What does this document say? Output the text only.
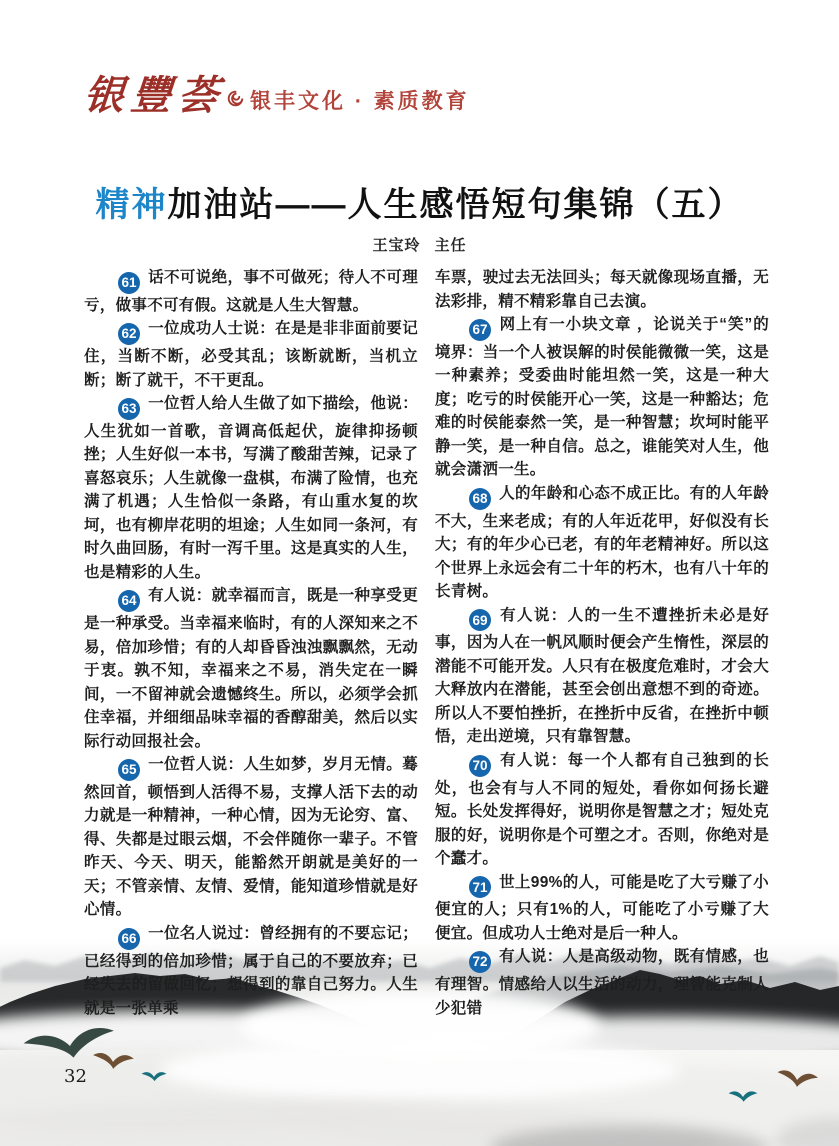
银豐荟 银丰文化 · 素质教育
精神加油站——人生感悟短句集锦（五）
王宝玲 主任

61 话不可说绝，事不可做死；待人不可理亏，做事不可有假。这就是人生大智慧。

62 一位成功人士说：在是是非非面前要记住，当断不断，必受其乱；该断就断，当机立断；断了就干，不干更乱。

63 一位哲人给人生做了如下描绘，他说：人生犹如一首歌，音调高低起伏，旋律抑扬顿挫；人生好似一本书，写满了酸甜苦辣，记录了喜怒哀乐；人生就像一盘棋，布满了险情，也充满了机遇；人生恰似一条路，有山重水复的坎坷，也有柳岸花明的坦途；人生如同一条河，有时久曲回肠，有时一泻千里。这是真实的人生，也是精彩的人生。

64 有人说：就幸福而言，既是一种享受更是一种承受。当幸福来临时，有的人深知来之不易，倍加珍惜；有的人却昏昏浊浊飘飘然，无动于衷。孰不知，幸福来之不易，消失定在一瞬间，一不留神就会遗憾终生。所以，必须学会抓住幸福，并细细品味幸福的香醇甜美，然后以实际行动回报社会。

65 一位哲人说：人生如梦，岁月无情。蓦然回首，顿悟到人活得不易，支撑人活下去的动力就是一种精神，一种心情，因为无论穷、富、得、失都是过眼云烟，不会伴随你一辈子。不管昨天、今天、明天，能豁然开朗就是美好的一天；不管亲情、友情、爱情，能知道珍惜就是好心情。

66 一位名人说过：曾经拥有的不要忘记；已经得到的倍加珍惜；属于自己的不要放弃；已经失去的留做回忆；想得到的靠自己努力。人生就是一张单乘

车票，驶过去无法回头；每天就像现场直播，无法彩排，精不精彩靠自己去演。

67 网上有一小块文章 ，论说关于“笑”的境界：当一个人被误解的时侯能微微一笑，这是一种素养；受委曲时能坦然一笑，这是一种大度；吃亏的时侯能开心一笑，这是一种豁达；危难的时侯能泰然一笑，是一种智慧；坎坷时能平静一笑，是一种自信。总之，谁能笑对人生，他就会潇洒一生。

68 人的年龄和心态不成正比。有的人年龄不大，生来老成；有的人年近花甲，好似没有长大；有的年少心已老，有的年老精神好。所以这个世界上永远会有二十年的朽木，也有八十年的长青树。

69 有人说：人的一生不遭挫折未必是好事，因为人在一帆风顺时便会产生惰性，深层的潜能不可能开发。人只有在极度危难时，才会大大释放内在潜能，甚至会创出意想不到的奇迹。所以人不要怕挫折，在挫折中反省，在挫折中顿悟，走出逆境，只有靠智慧。

70 有人说：每一个人都有自己独到的长处，也会有与人不同的短处，看你如何扬长避短。长处发挥得好，说明你是智慧之才；短处克服的好，说明你是个可塑之才。否则，你绝对是个蠢才。

71 世上99%的人，可能是吃了大亏赚了小便宜的人；只有1%的人，可能吃了小亏赚了大便宜。但成功人士绝对是后一种人。

72 有人说：人是高级动物，既有情感，也有理智。情感给人以生活的动力，理智能克制人少犯错

32
